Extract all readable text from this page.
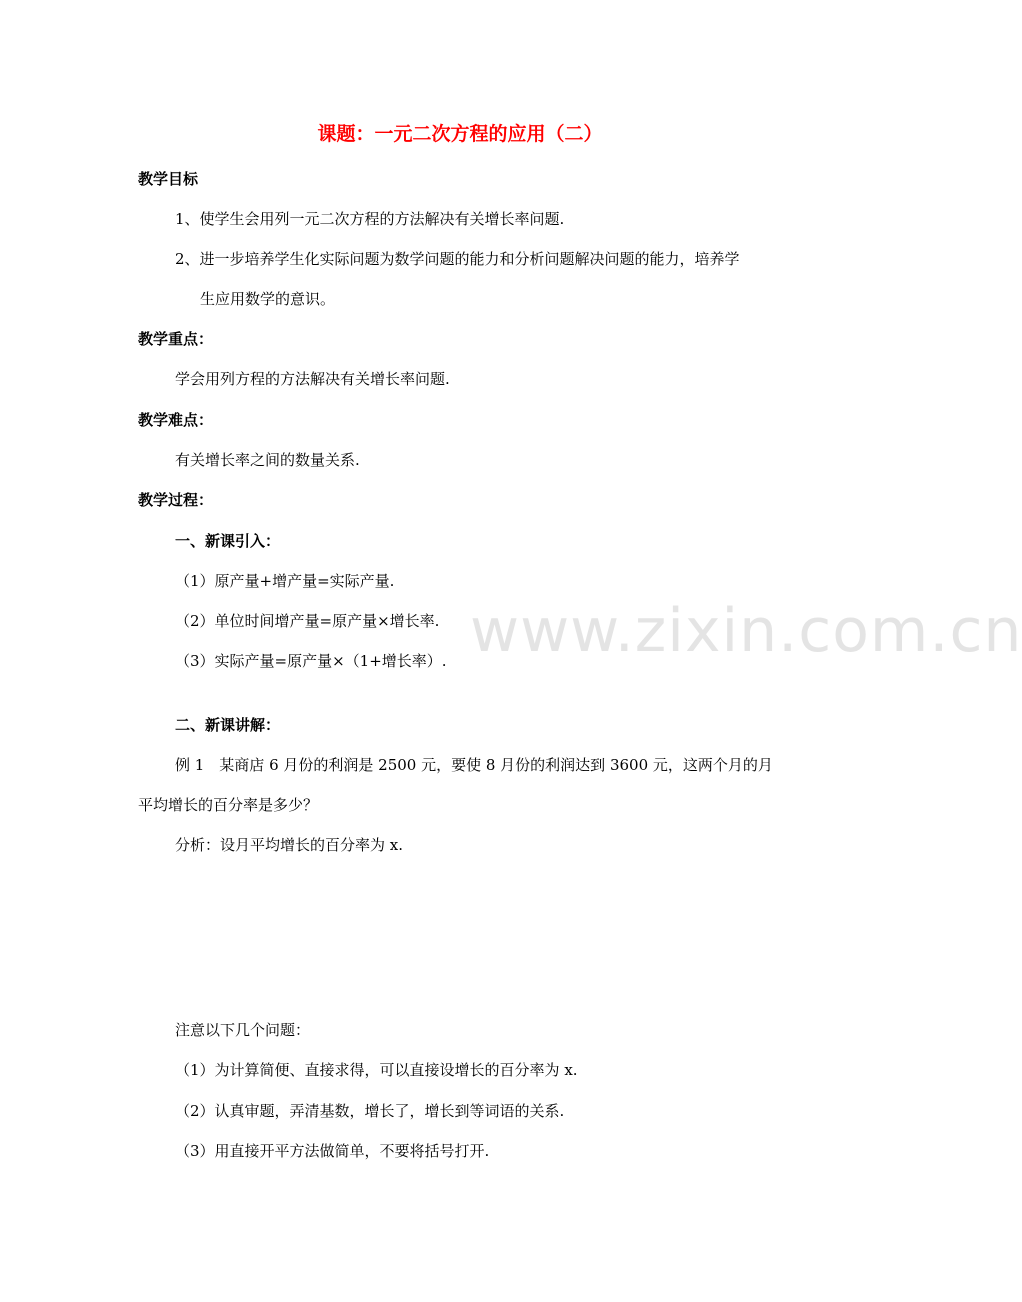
www.zixin.com.cn
课题：一元二次方程的应用（二）
教学目标
1、使学生会用列一元二次方程的方法解决有关增长率问题.
2、进一步培养学生化实际问题为数学问题的能力和分析问题解决问题的能力，培养学
生应用数学的意识。
教学重点：
学会用列方程的方法解决有关增长率问题.
教学难点：
有关增长率之间的数量关系.
教学过程：
一、新课引入：
（1）原产量+增产量=实际产量.
（2）单位时间增产量=原产量×增长率.
（3）实际产量=原产量×（1+增长率）.
二、新课讲解：
例 1　某商店 6 月份的利润是 2500 元，要使 8 月份的利润达到 3600 元，这两个月的月
平均增长的百分率是多少？
分析：设月平均增长的百分率为 x.
注意以下几个问题：
（1）为计算简便、直接求得，可以直接设增长的百分率为 x.
（2）认真审题，弄清基数，增长了，增长到等词语的关系.
（3）用直接开平方法做简单，不要将括号打开.
